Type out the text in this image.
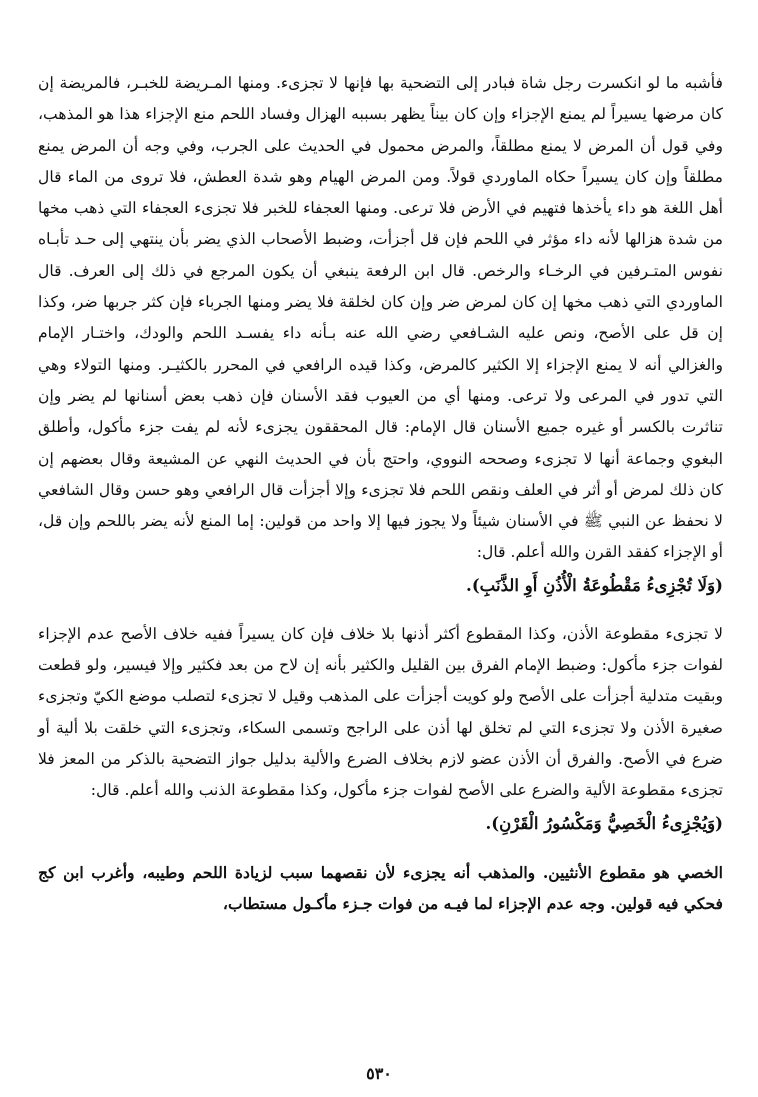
فأشبه ما لو انكسرت رجل شاة فبادر إلى التضحية بها فإنها لا تجزىء. ومنها المـريضة للخبـر، فالمريضة إن كان مرضها يسيراً لم يمنع الإجزاء وإن كان بيناً يظهر بسببه الهزال وفساد اللحم منع الإجزاء هذا هو المذهب، وفي قول أن المرض لا يمنع مطلقاً، والمرض محمول في الحديث على الجرب، وفي وجه أن المرض يمنع مطلقاً وإن كان يسيراً حكاه الماوردي قولاً. ومن المرض الهيام وهو شدة العطش، فلا تروى من الماء قال أهل اللغة هو داء يأخذها فتهيم في الأرض فلا ترعى. ومنها العجفاء للخبر فلا تجزىء العجفاء التي ذهب مخها من شدة هزالها لأنه داء مؤثر في اللحم فإن قل أجزأت، وضبط الأصحاب الذي يضر بأن ينتهي إلى حـد تأبـاه نفوس المتـرفين في الرخـاء والرخص. قال ابن الرفعة ينبغي أن يكون المرجع في ذلك إلى العرف. قال الماوردي التي ذهب مخها إن كان لمرض ضر وإن كان لخلقة فلا يضر ومنها الجرباء فإن كثر جربها ضر، وكذا إن قل على الأصح، ونص عليه الشـافعي رضي الله عنه بـأنه داء يفسـد اللحم والودك، واختـار الإمام والغزالي أنه لا يمنع الإجزاء إلا الكثير كالمرض، وكذا قيده الرافعي في المحرر بالكثيـر. ومنها التولاء وهي التي تدور في المرعى ولا ترعى. ومنها أي من العيوب فقد الأسنان فإن ذهب بعض أسنانها لم يضر وإن تناثرت بالكسر أو غيره جميع الأسنان قال الإمام: قال المحققون يجزىء لأنه لم يفت جزء مأكول، وأطلق البغوي وجماعة أنها لا تجزىء وصححه النووي، واحتج بأن في الحديث النهي عن المشيعة وقال بعضهم إن كان ذلك لمرض أو أثر في العلف ونقص اللحم فلا تجزىء وإلا أجزأت قال الرافعي وهو حسن وقال الشافعي لا نحفظ عن النبي ﷺ في الأسنان شيئاً ولا يجوز فيها إلا واحد من قولين: إما المنع لأنه يضر باللحم وإن قل، أو الإجزاء كفقد القرن والله أعلم. قال:

(وَلَا تُجْزِىءُ مَقْطُوعَةُ الْأُذُنِ أَوِ الذَّنَبِ).

لا تجزىء مقطوعة الأذن، وكذا المقطوع أكثر أذنها بلا خلاف فإن كان يسيراً ففيه خلاف الأصح عدم الإجزاء لفوات جزء مأكول: وضبط الإمام الفرق بين القليل والكثير بأنه إن لاح من بعد فكثير وإلا فيسير، ولو قطعت وبقيت متدلية أجزأت على الأصح ولو كويت أجزأت على المذهب وقيل لا تجزىء لتصلب موضع الكيّ وتجزىء صغيرة الأذن ولا تجزىء التي لم تخلق لها أذن على الراجح وتسمى السكاء، وتجزىء التي خلقت بلا ألية أو ضرع في الأصح. والفرق أن الأذن عضو لازم بخلاف الضرع والألية بدليل جواز التضحية بالذكر من المعز فلا تجزىء مقطوعة الألية والضرع على الأصح لفوات جزء مأكول، وكذا مقطوعة الذنب والله أعلم. قال:

(وَيُجْزِىءُ الْخَصِيُّ وَمَكْسُورُ الْقَرْنِ).

الخصي هو مقطوع الأنثيين. والمذهب أنه يجزىء لأن نقصهما سبب لزيادة اللحم وطيبه، وأغرب ابن كج فحكي فيه قولين. وجه عدم الإجزاء لما فيـه من فوات جـزء مأكـول مستطاب،

٥٣٠
